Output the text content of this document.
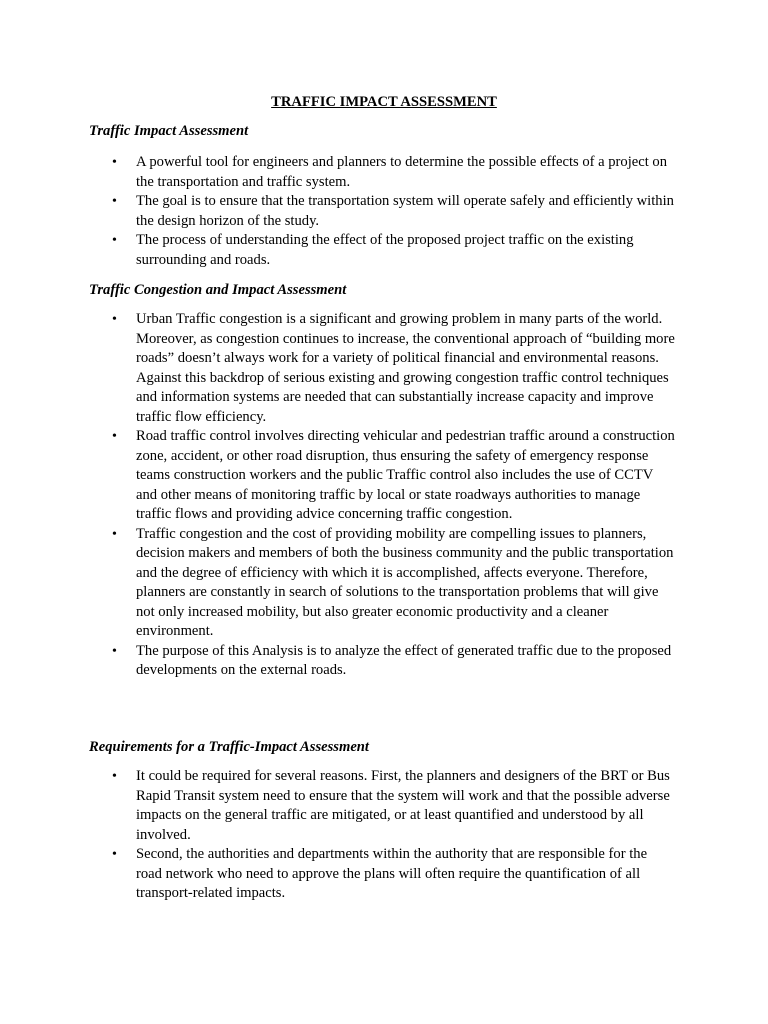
TRAFFIC IMPACT ASSESSMENT

Traffic Impact Assessment

• A powerful tool for engineers and planners to determine the possible effects of a project on the transportation and traffic system.
• The goal is to ensure that the transportation system will operate safely and efficiently within the design horizon of the study.
• The process of understanding the effect of the proposed project traffic on the existing surrounding and roads.

Traffic Congestion and Impact Assessment

• Urban Traffic congestion is a significant and growing problem in many parts of the world. Moreover, as congestion continues to increase, the conventional approach of “building more roads” doesn’t always work for a variety of political financial and environmental reasons. Against this backdrop of serious existing and growing congestion traffic control techniques and information systems are needed that can substantially increase capacity and improve traffic flow efficiency.
• Road traffic control involves directing vehicular and pedestrian traffic around a construction zone, accident, or other road disruption, thus ensuring the safety of emergency response teams construction workers and the public Traffic control also includes the use of CCTV and other means of monitoring traffic by local or state roadways authorities to manage traffic flows and providing advice concerning traffic congestion.
• Traffic congestion and the cost of providing mobility are compelling issues to planners, decision makers and members of both the business community and the public transportation and the degree of efficiency with which it is accomplished, affects everyone. Therefore, planners are constantly in search of solutions to the transportation problems that will give not only increased mobility, but also greater economic productivity and a cleaner environment.
• The purpose of this Analysis is to analyze the effect of generated traffic due to the proposed developments on the external roads.

Requirements for a Traffic-Impact Assessment

• It could be required for several reasons. First, the planners and designers of the BRT or Bus Rapid Transit system need to ensure that the system will work and that the possible adverse impacts on the general traffic are mitigated, or at least quantified and understood by all involved.
• Second, the authorities and departments within the authority that are responsible for the road network who need to approve the plans will often require the quantification of all transport-related impacts.
